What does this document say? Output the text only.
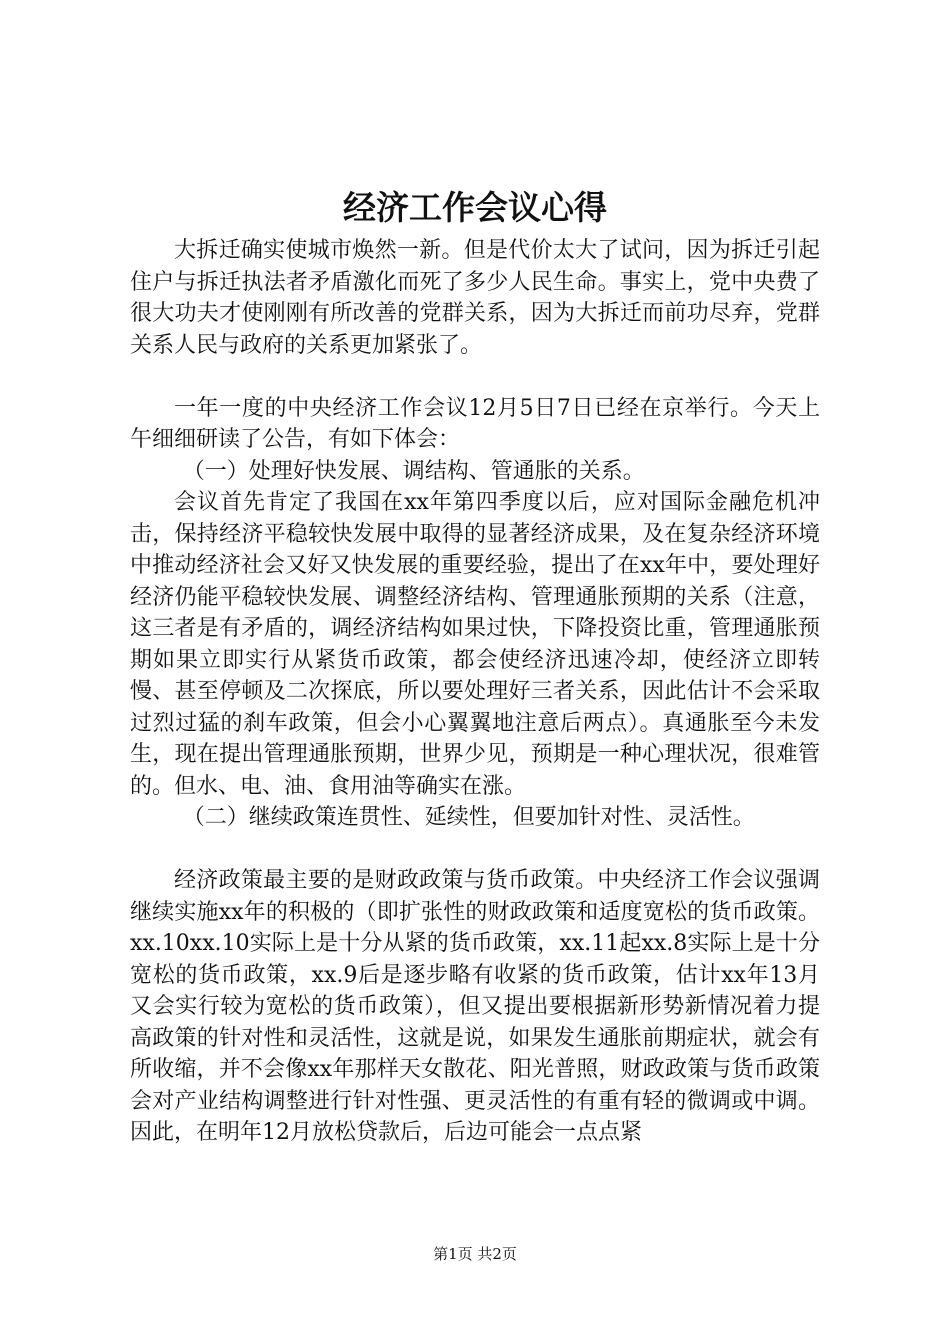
经济工作会议心得

大拆迁确实使城市焕然一新。但是代价太大了试问，因为拆迁引起住户与拆迁执法者矛盾激化而死了多少人民生命。事实上，党中央费了很大功夫才使刚刚有所改善的党群关系，因为大拆迁而前功尽弃，党群关系人民与政府的关系更加紧张了。

一年一度的中央经济工作会议12月5日7日已经在京举行。今天上午细细研读了公告，有如下体会：

（一）处理好快发展、调结构、管通胀的关系。

会议首先肯定了我国在xx年第四季度以后，应对国际金融危机冲击，保持经济平稳较快发展中取得的显著经济成果，及在复杂经济环境中推动经济社会又好又快发展的重要经验，提出了在xx年中，要处理好经济仍能平稳较快发展、调整经济结构、管理通胀预期的关系（注意，这三者是有矛盾的，调经济结构如果过快，下降投资比重，管理通胀预期如果立即实行从紧货币政策，都会使经济迅速冷却，使经济立即转慢、甚至停顿及二次探底，所以要处理好三者关系，因此估计不会采取过烈过猛的刹车政策，但会小心翼翼地注意后两点）。真通胀至今未发生，现在提出管理通胀预期，世界少见，预期是一种心理状况，很难管的。但水、电、油、食用油等确实在涨。

（二）继续政策连贯性、延续性，但要加针对性、灵活性。

经济政策最主要的是财政政策与货币政策。中央经济工作会议强调继续实施xx年的积极的（即扩张性的财政政策和适度宽松的货币政策。xx.10xx.10实际上是十分从紧的货币政策，xx.11起xx.8实际上是十分宽松的货币政策，xx.9后是逐步略有收紧的货币政策，估计xx年13月又会实行较为宽松的货币政策），但又提出要根据新形势新情况着力提高政策的针对性和灵活性，这就是说，如果发生通胀前期症状，就会有所收缩，并不会像xx年那样天女散花、阳光普照，财政政策与货币政策会对产业结构调整进行针对性强、更灵活性的有重有轻的微调或中调。因此，在明年12月放松贷款后，后边可能会一点点紧

第1页 共2页
